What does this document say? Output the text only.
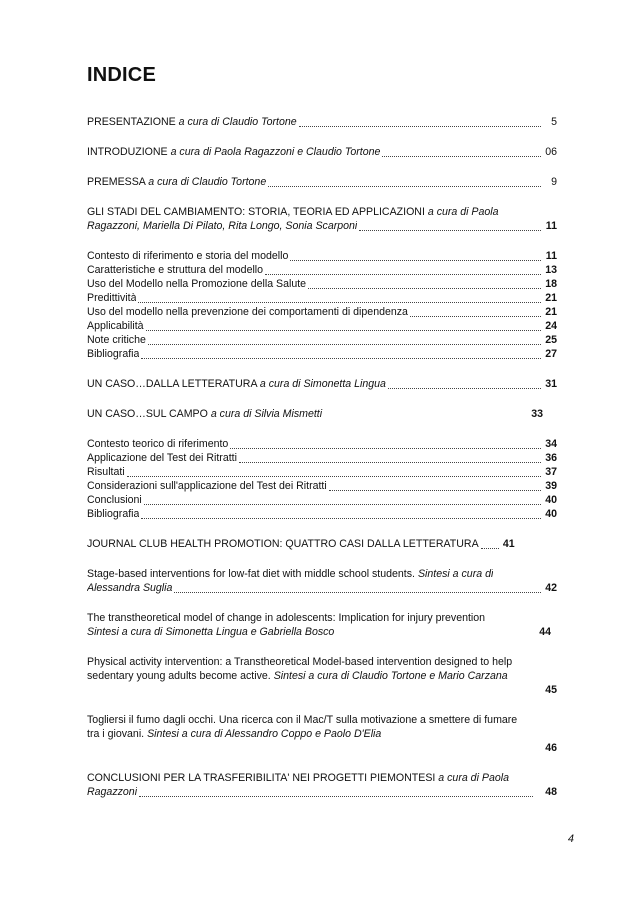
INDICE
PRESENTAZIONE a cura di Claudio Tortone	5
INTRODUZIONE a cura di Paola Ragazzoni e Claudio Tortone	06
PREMESSA a cura di Claudio Tortone	9
GLI STADI DEL CAMBIAMENTO: STORIA, TEORIA ED APPLICAZIONI a cura di Paola
Ragazzoni, Mariella Di Pilato, Rita Longo, Sonia Scarponi	11
Contesto di riferimento e storia del modello	11
Caratteristiche e struttura del modello	13
Uso del Modello nella Promozione della Salute	18
Predittività	21
Uso del modello nella prevenzione dei comportamenti di dipendenza	21
Applicabilità	24
Note critiche	25
Bibliografia	27
UN CASO…DALLA LETTERATURA a cura di Simonetta Lingua	31
UN CASO…SUL CAMPO a cura di Silvia Mismetti	33
Contesto teorico di riferimento	34
Applicazione del Test dei Ritratti	36
Risultati	37
Considerazioni sull'applicazione del Test dei Ritratti	39
Conclusioni	40
Bibliografia	40
JOURNAL CLUB HEALTH PROMOTION: QUATTRO CASI DALLA LETTERATURA 41
Stage-based interventions for low-fat diet with middle school students. Sintesi a cura di
Alessandra Suglia	42
The transtheoretical model of change in adolescents: Implication for injury prevention
Sintesi a cura di Simonetta Lingua e Gabriella Bosco	44
Physical activity intervention: a Transtheoretical Model-based intervention designed to help
sedentary young adults become active. Sintesi a cura di Claudio Tortone e Mario Carzana
45
Togliersi il fumo dagli occhi. Una ricerca con il Mac/T sulla motivazione a smettere di fumare
tra i giovani. Sintesi a cura di Alessandro Coppo e Paolo D'Elia
46
CONCLUSIONI PER LA TRASFERIBILITA' NEI PROGETTI PIEMONTESI a cura di Paola
Ragazzoni	48
4
